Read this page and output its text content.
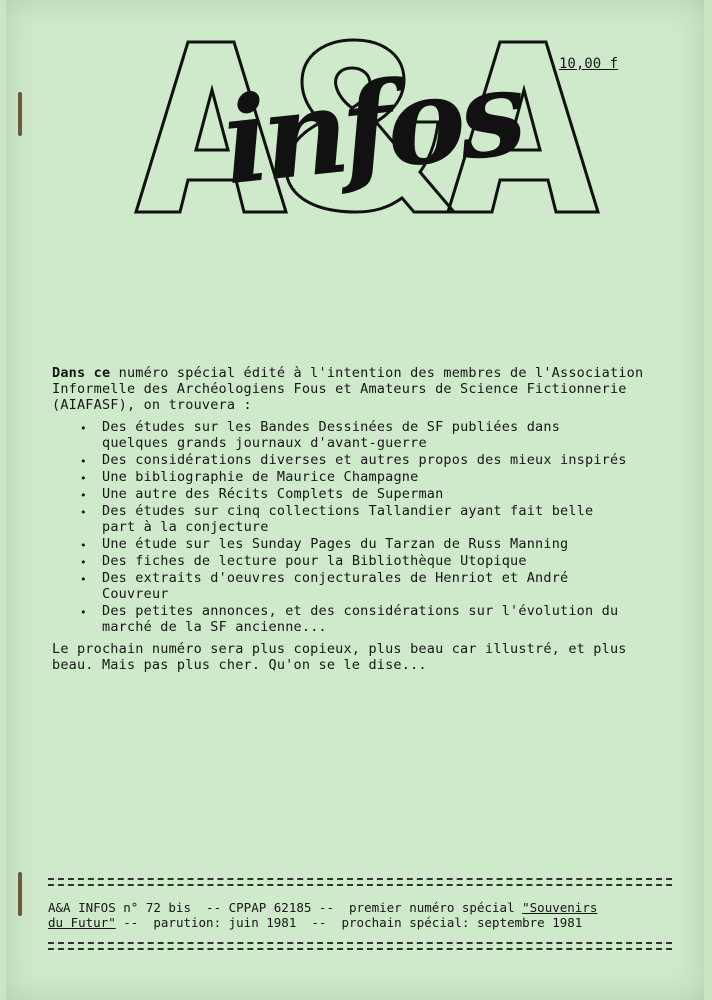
infos	10,00 f

Dans ce numéro spécial édité à l'intention des membres de l'Association
Informelle des Archéologiens Fous et Amateurs de Science Fictionnerie
(AIAFASF), on trouvera :

• Des études sur les Bandes Dessinées de SF publiées dans
quelques grands journaux d'avant-guerre
• Des considérations diverses et autres propos des mieux inspirés
• Une bibliographie de Maurice Champagne
• Une autre des Récits Complets de Superman
• Des études sur cinq collections Tallandier ayant fait belle
part à la conjecture
• Une étude sur les Sunday Pages du Tarzan de Russ Manning
• Des fiches de lecture pour la Bibliothèque Utopique
• Des extraits d'oeuvres conjecturales de Henriot et André
Couvreur
• Des petites annonces, et des considérations sur l'évolution du
marché de la SF ancienne...

Le prochain numéro sera plus copieux, plus beau car illustré, et plus
beau. Mais pas plus cher. Qu'on se le dise...

A&A INFOS n° 72 bis  -- CPPAP 62185 --  premier numéro spécial "Souvenirs
du Futur" --  parution: juin 1981  --  prochain spécial: septembre 1981
